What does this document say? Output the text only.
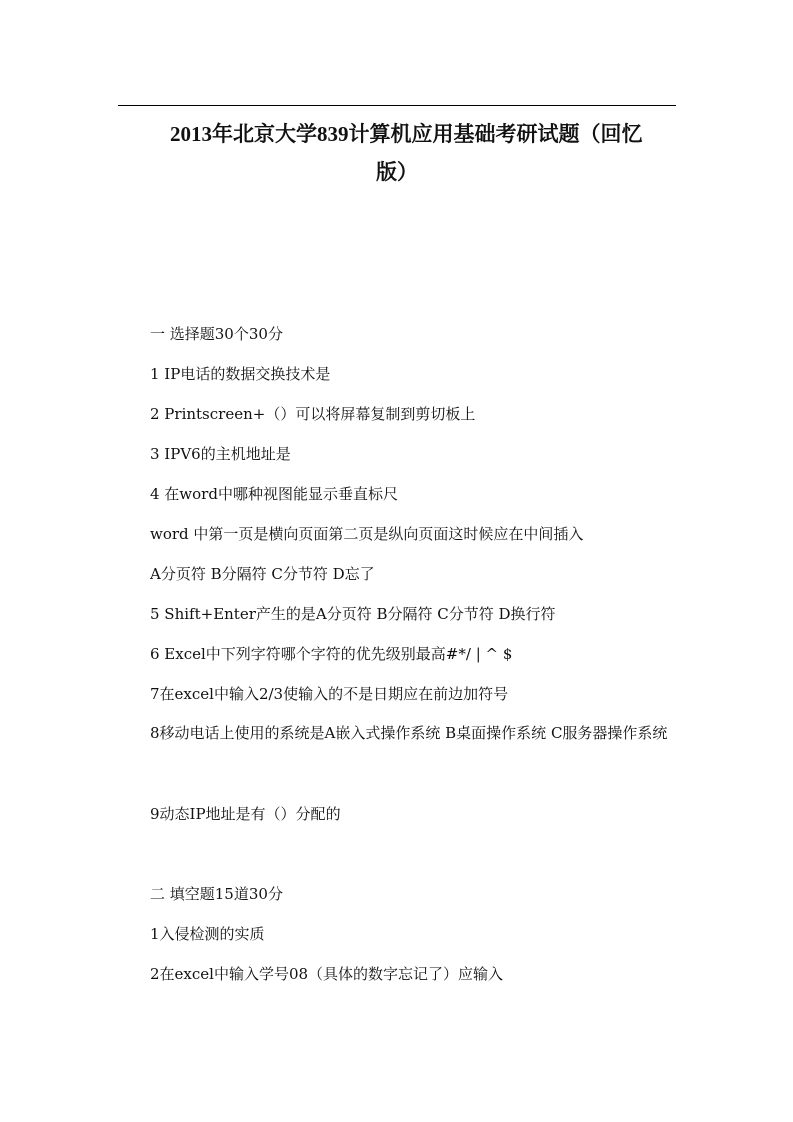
2013年北京大学839计算机应用基础考研试题（回忆
版）
一 选择题30个30分
1 IP电话的数据交换技术是
2 Printscreen+（）可以将屏幕复制到剪切板上
3 IPV6的主机地址是
4 在word中哪种视图能显示垂直标尺
word 中第一页是横向页面第二页是纵向页面这时候应在中间插入
A分页符 B分隔符 C分节符 D忘了
5 Shift+Enter产生的是A分页符 B分隔符 C分节符 D换行符
6 Excel中下列字符哪个字符的优先级别最高#*/ | ^ $
7在excel中输入2/3使输入的不是日期应在前边加符号
8移动电话上使用的系统是A嵌入式操作系统 B桌面操作系统 C服务器操作系统
9动态IP地址是有（）分配的
二 填空题15道30分
1入侵检测的实质
2在excel中输入学号08（具体的数字忘记了）应输入
